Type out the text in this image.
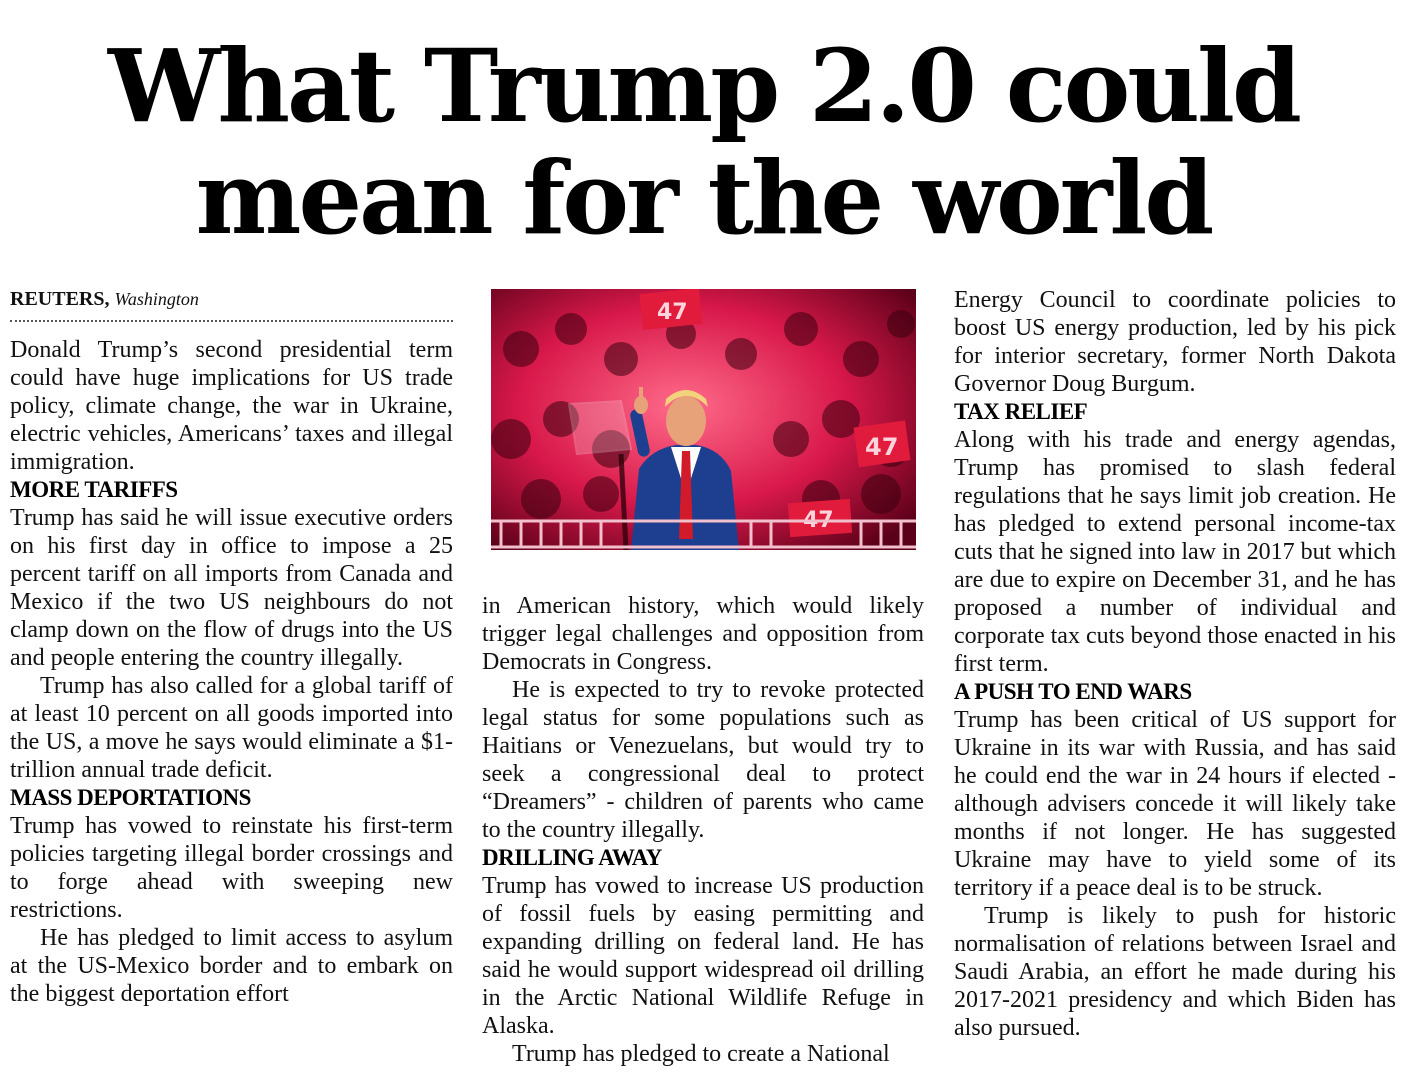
What Trump 2.0 could
mean for the world
REUTERS, Washington

Donald Trump’s second presidential term could have huge implications for US trade policy, climate change, the war in Ukraine, electric vehicles, Americans’ taxes and illegal immigration.

MORE TARIFFS

Trump has said he will issue executive orders on his first day in office to impose a 25 percent tariff on all imports from Canada and Mexico if the two US neighbours do not clamp down on the flow of drugs into the US and people entering the country illegally.

Trump has also called for a global tariff of at least 10 percent on all goods imported into the US, a move he says would eliminate a $1-trillion annual trade deficit.

MASS DEPORTATIONS

Trump has vowed to reinstate his first-term policies targeting illegal border crossings and to forge ahead with sweeping new restrictions.

He has pledged to limit access to asylum at the US-Mexico border and to embark on the biggest deportation effort

47
47
47

in American history, which would likely trigger legal challenges and opposition from Democrats in Congress.

He is expected to try to revoke protected legal status for some populations such as Haitians or Venezuelans, but would try to seek a congressional deal to protect “Dreamers” - children of parents who came to the country illegally.

DRILLING AWAY

Trump has vowed to increase US production of fossil fuels by easing permitting and expanding drilling on federal land. He has said he would support widespread oil drilling in the Arctic National Wildlife Refuge in Alaska.

Trump has pledged to create a National

Energy Council to coordinate policies to boost US energy production, led by his pick for interior secretary, former North Dakota Governor Doug Burgum.

TAX RELIEF

Along with his trade and energy agendas, Trump has promised to slash federal regulations that he says limit job creation. He has pledged to extend personal income-tax cuts that he signed into law in 2017 but which are due to expire on December 31, and he has proposed a number of individual and corporate tax cuts beyond those enacted in his first term.

A PUSH TO END WARS

Trump has been critical of US support for Ukraine in its war with Russia, and has said he could end the war in 24 hours if elected - although advisers concede it will likely take months if not longer. He has suggested Ukraine may have to yield some of its territory if a peace deal is to be struck.

Trump is likely to push for historic normalisation of relations between Israel and Saudi Arabia, an effort he made during his 2017-2021 presidency and which Biden has also pursued.
